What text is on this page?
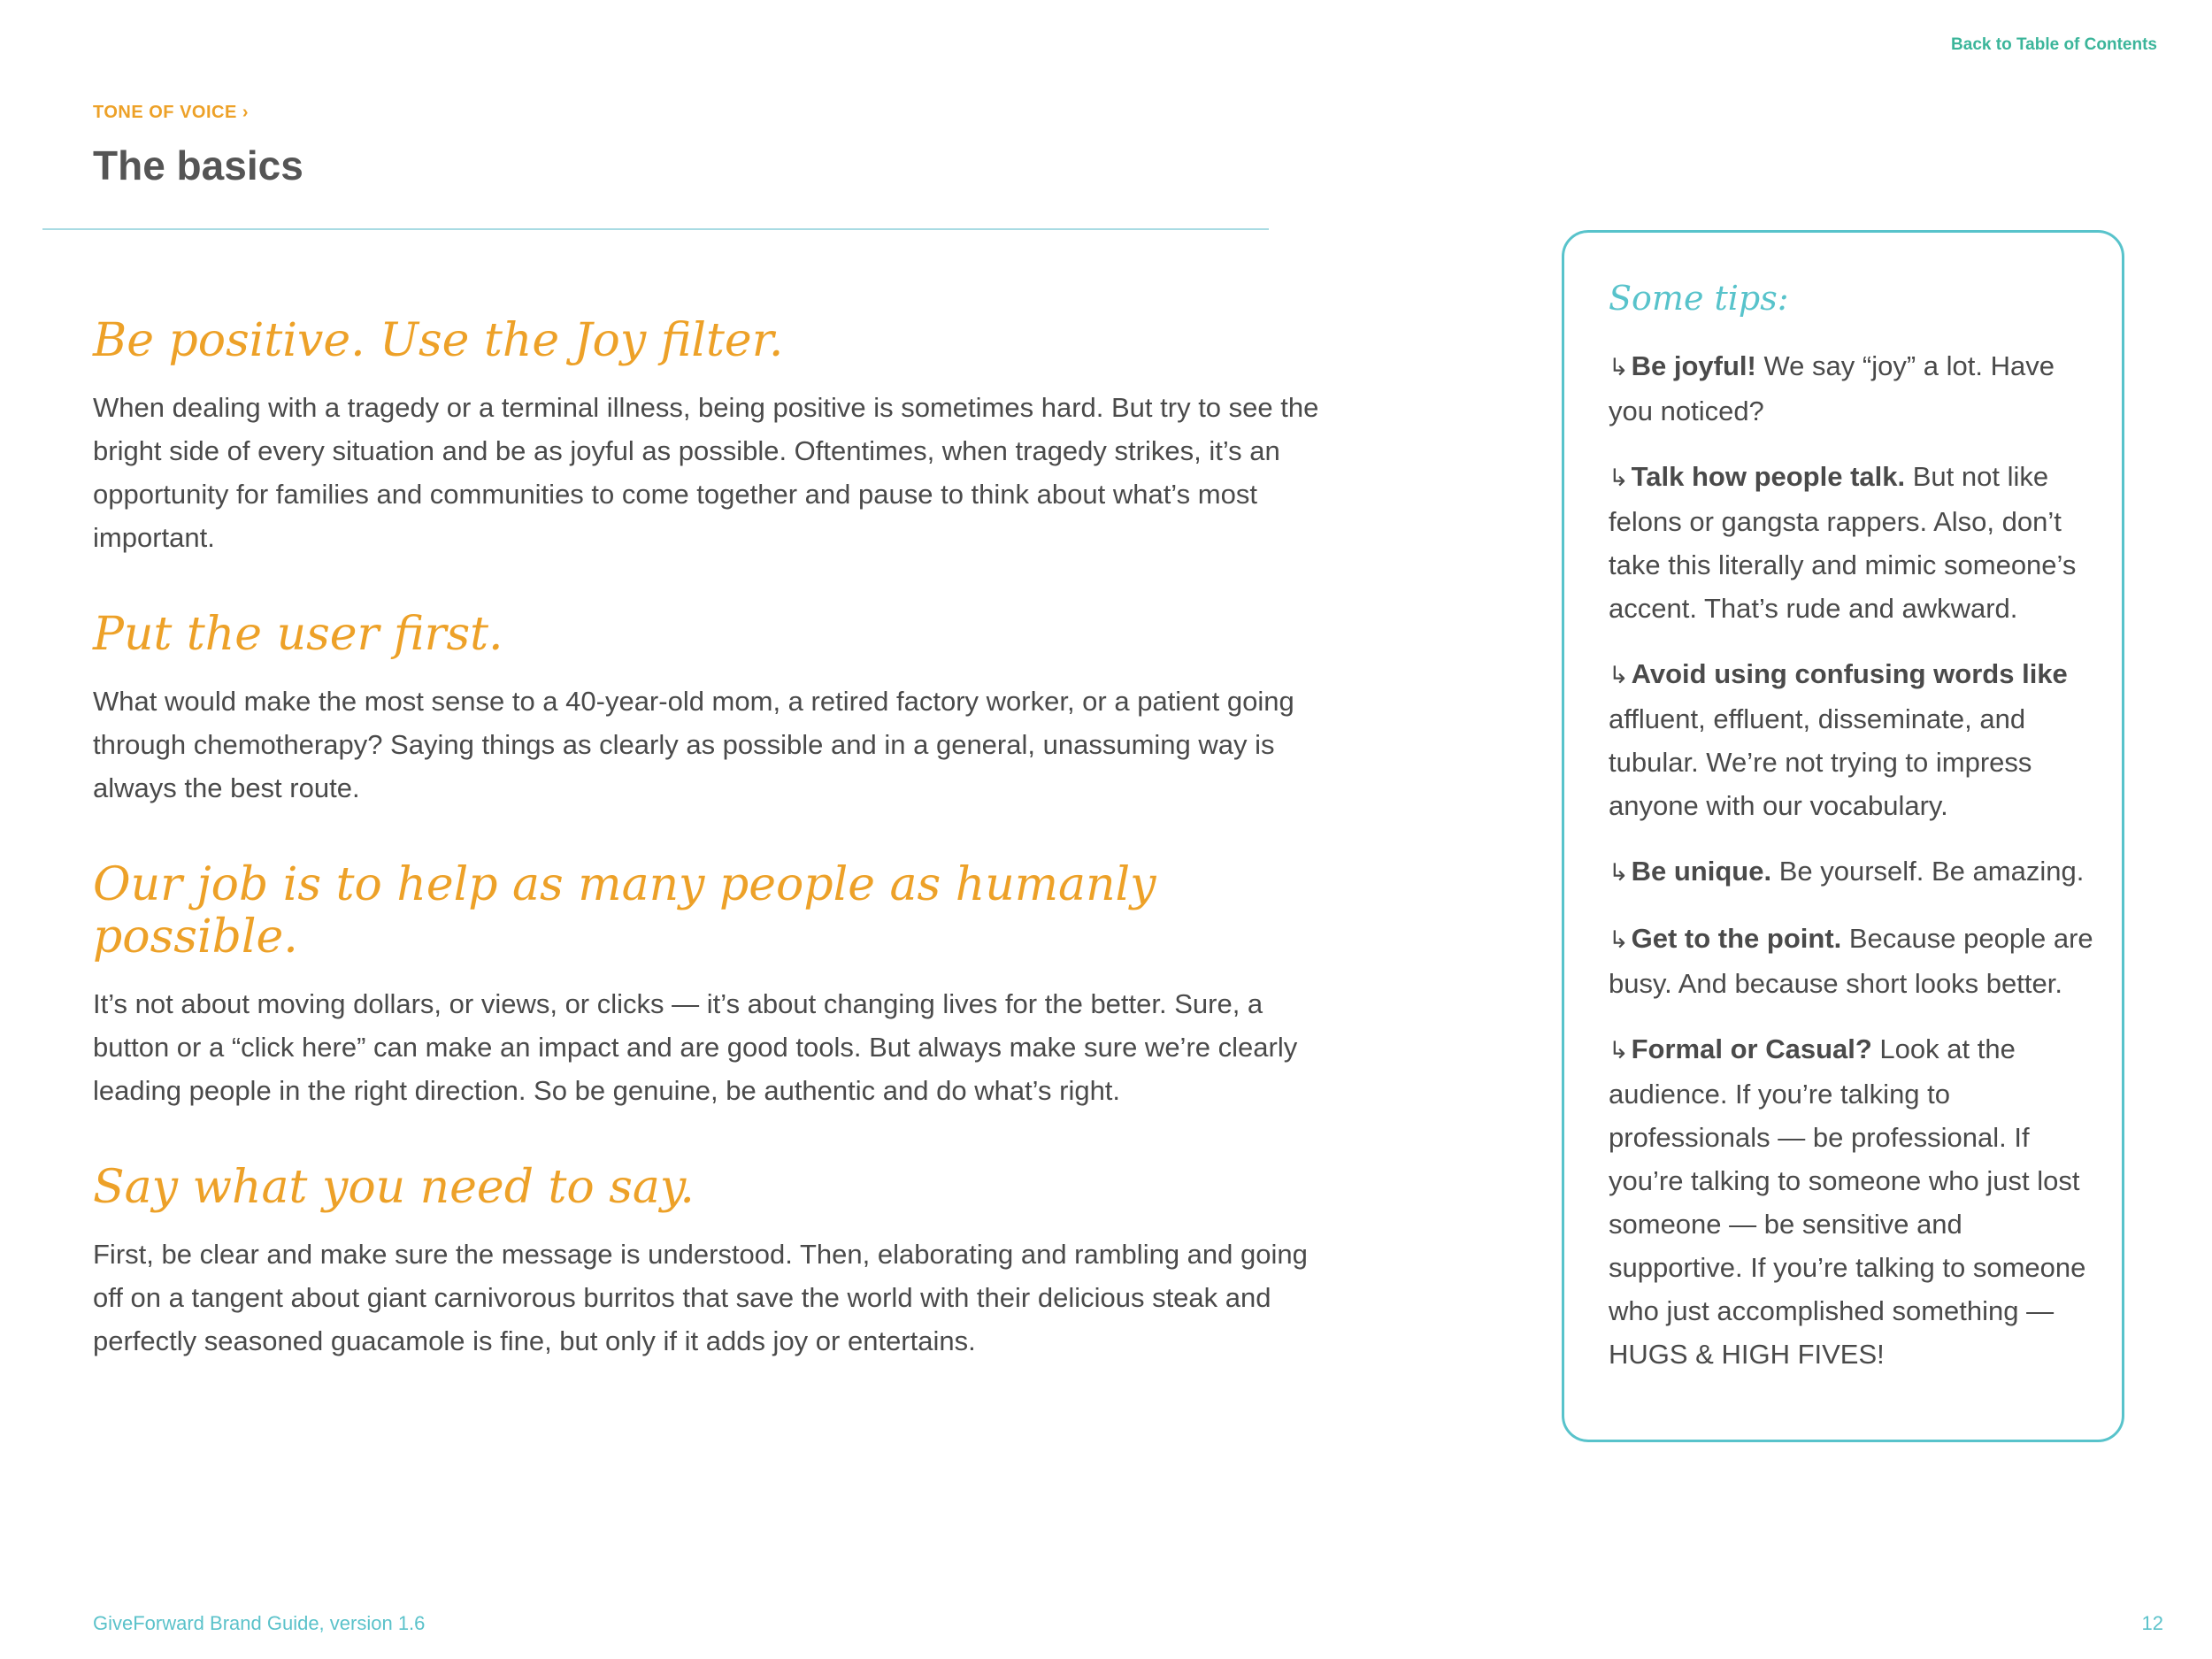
Back to Table of Contents
TONE OF VOICE ›
The basics
Be positive. Use the Joy filter.

When dealing with a tragedy or a terminal illness, being positive is sometimes hard. But try to see the bright side of every situation and be as joyful as possible. Oftentimes, when tragedy strikes, it’s an opportunity for families and communities to come together and pause to think about what’s most important.

Put the user first.

What would make the most sense to a 40-year-old mom, a retired factory worker, or a patient going through chemotherapy? Saying things as clearly as possible and in a general, unassuming way is always the best route.

Our job is to help as many people as humanly possible.

It’s not about moving dollars, or views, or clicks — it’s about changing lives for the better. Sure, a button or a “click here” can make an impact and are good tools. But always make sure we’re clearly leading people in the right direction. So be genuine, be authentic and do what’s right.

Say what you need to say.

First, be clear and make sure the message is understood. Then, elaborating and rambling and going off on a tangent about giant carnivorous burritos that save the world with their delicious steak and perfectly seasoned guacamole is fine, but only if it adds joy or entertains.

Some tips:

↳Be joyful! We say “joy” a lot. Have you noticed?

↳Talk how people talk. But not like felons or gangsta rappers. Also, don’t take this literally and mimic someone’s accent. That’s rude and awkward.

↳Avoid using confusing words like affluent, effluent, disseminate, and tubular. We’re not trying to impress anyone with our vocabulary.

↳Be unique. Be yourself. Be amazing.

↳Get to the point. Because people are busy. And because short looks better.

↳Formal or Casual? Look at the audience. If you’re talking to professionals — be professional. If you’re talking to someone who just lost someone — be sensitive and supportive. If you’re talking to someone who just accomplished something — HUGS & HIGH FIVES!

GiveForward Brand Guide, version 1.6	12
